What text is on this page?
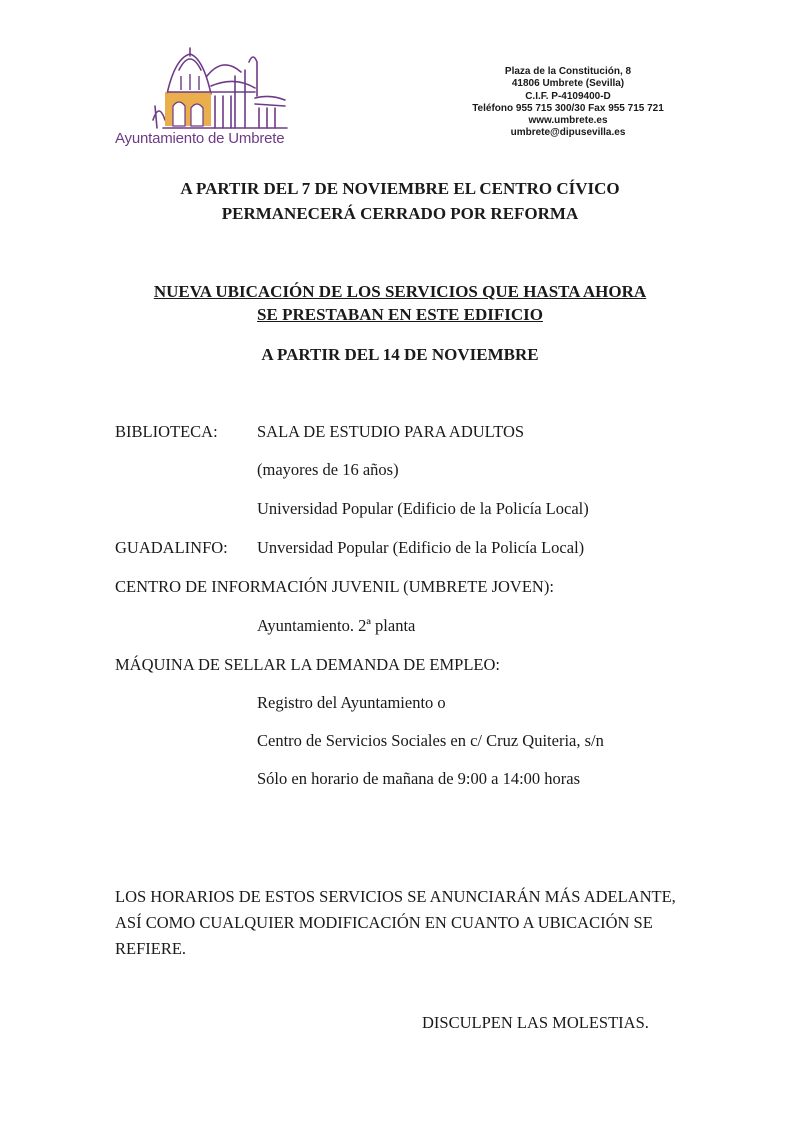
Ayuntamiento de Umbrete
Plaza de la Constitución, 8
41806 Umbrete (Sevilla)
C.I.F. P-4109400-D
Teléfono 955 715 300/30 Fax 955 715 721
www.umbrete.es
umbrete@dipusevilla.es
A PARTIR DEL 7 DE NOVIEMBRE EL CENTRO CÍVICO
PERMANECERÁ CERRADO POR REFORMA
NUEVA UBICACIÓN DE LOS SERVICIOS QUE HASTA AHORA
SE PRESTABAN EN ESTE EDIFICIO
A PARTIR DEL 14 DE NOVIEMBRE
BIBLIOTECA: SALA DE ESTUDIO PARA ADULTOS
(mayores de 16 años)
Universidad Popular (Edificio de la Policía Local)
GUADALINFO: Unversidad Popular (Edificio de la Policía Local)
CENTRO DE INFORMACIÓN JUVENIL (UMBRETE JOVEN):
Ayuntamiento. 2ª planta
MÁQUINA DE SELLAR LA DEMANDA DE EMPLEO:
Registro del Ayuntamiento o
Centro de Servicios Sociales en c/ Cruz Quiteria, s/n
Sólo en horario de mañana de 9:00 a 14:00 horas
LOS HORARIOS DE ESTOS SERVICIOS SE ANUNCIARÁN MÁS ADELANTE, ASÍ COMO CUALQUIER MODIFICACIÓN EN CUANTO A UBICACIÓN SE REFIERE.
DISCULPEN LAS MOLESTIAS.
